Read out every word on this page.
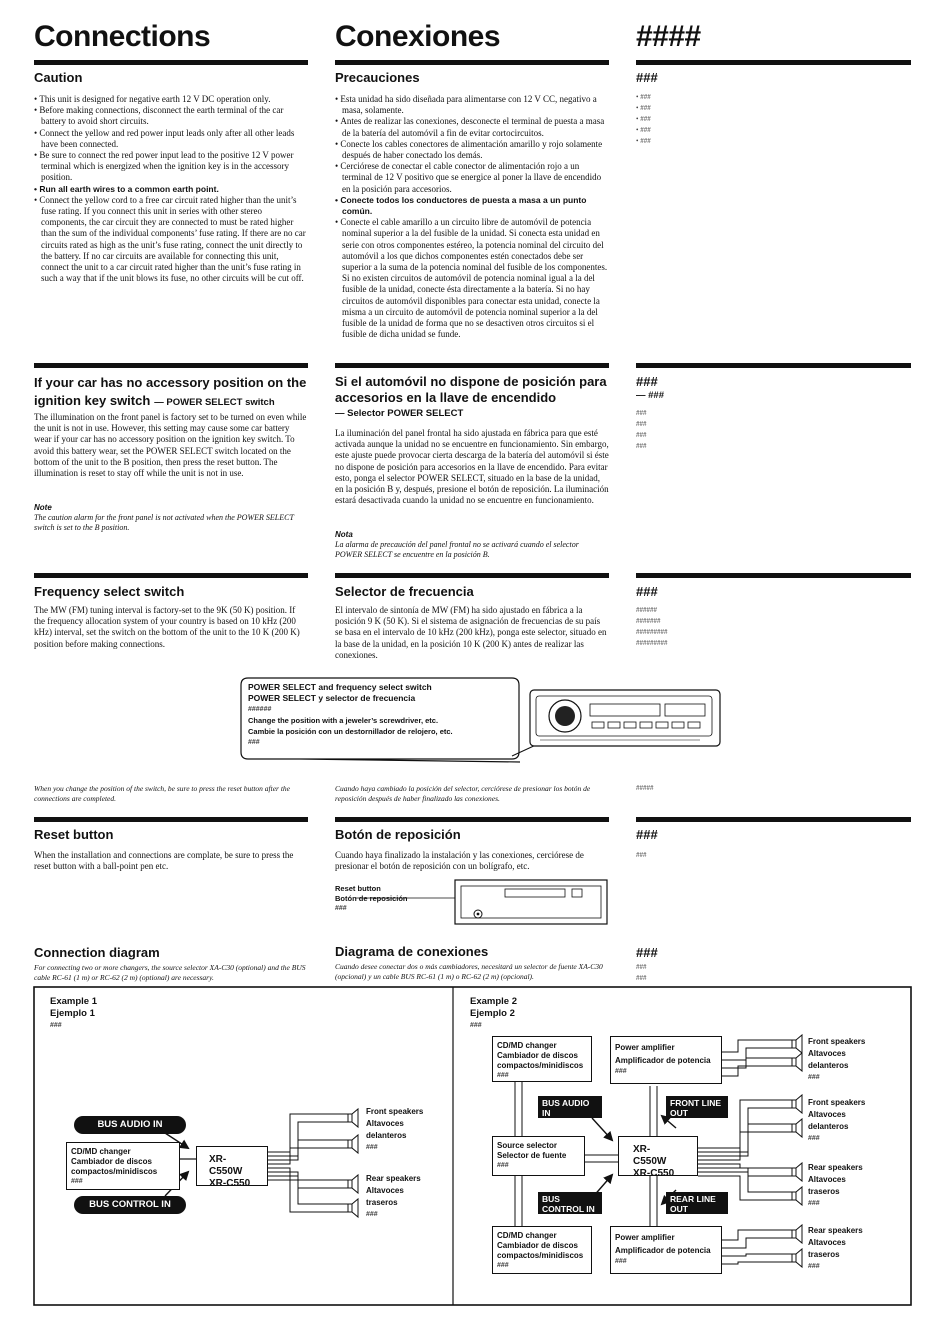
Connections	Conexiones	####
Caution	Precauciones	###
• This unit is designed for negative earth 12 V DC operation only.
• Before making connections, disconnect the earth terminal of the car battery to avoid short circuits.
• Connect the yellow and red power input leads only after all other leads have been connected.
• Be sure to connect the red power input lead to the positive 12 V power terminal which is energized when the ignition key is in the accessory position.
• Run all earth wires to a common earth point.
• Connect the yellow cord to a free car circuit rated higher than the unit’s fuse rating. If you connect this unit in series with other stereo components, the car circuit they are connected to must be rated higher than the sum of the individual components’ fuse rating. If there are no car circuits rated as high as the unit’s fuse rating, connect the unit directly to the battery. If no car circuits are available for connecting this unit, connect the unit to a car circuit rated higher than the unit’s fuse rating in such a way that if the unit blows its fuse, no other circuits will be cut off.
• Esta unidad ha sido diseñada para alimentarse con 12 V CC, negativo a masa, solamente.
• Antes de realizar las conexiones, desconecte el terminal de puesta a masa de la batería del automóvil a fin de evitar cortocircuitos.
• Conecte los cables conectores de alimentación amarillo y rojo solamente después de haber conectado los demás.
• Cerciórese de conectar el cable conector de alimentación rojo a un terminal de 12 V positivo que se energice al poner la llave de encendido en la posición para accesorios.
• Conecte todos los conductores de puesta a masa a un punto común.
• Conecte el cable amarillo a un circuito libre de automóvil de potencia nominal superior a la del fusible de la unidad. Si conecta esta unidad en serie con otros componentes estéreo, la potencia nominal del circuito del automóvil a los que dichos componentes estén conectados debe ser superior a la suma de la potencia nominal del fusible de los componentes. Si no existen circuitos de automóvil de potencia nominal igual a la del fusible de la unidad, conecte ésta directamente a la batería. Si no hay circuitos de automóvil disponibles para conectar esta unidad, conecte la misma a un circuito de automóvil de potencia nominal superior a la del fusible de la unidad de forma que no se desactiven otros circuitos si el fusible de dicha unidad se funde.
• ###
• ###
• ###
• ###
• ###
If your car has no accessory position on the ignition key switch — POWER SELECT switch
The illumination on the front panel is factory set to be turned on even while the unit is not in use. However, this setting may cause some car battery wear if your car has no accessory position on the ignition key switch. To avoid this battery wear, set the POWER SELECT switch located on the bottom of the unit to the B position, then press the reset button. The illumination is reset to stay off while the unit is not in use.
Note
The caution alarm for the front panel is not activated when the POWER SELECT switch is set to the B position.
Si el automóvil no dispone de posición para accesorios en la llave de encendido
— Selector POWER SELECT
La iluminación del panel frontal ha sido ajustada en fábrica para que esté activada aunque la unidad no se encuentre en funcionamiento. Sin embargo, este ajuste puede provocar cierta descarga de la batería del automóvil si éste no dispone de posición para accesorios en la llave de encendido. Para evitar esto, ponga el selector POWER SELECT, situado en la base de la unidad, en la posición B y, después, presione el botón de reposición. La iluminación estará desactivada cuando la unidad no se encuentre en funcionamiento.
Nota
La alarma de precaución del panel frontal no se activará cuando el selector POWER SELECT se encuentre en la posición B.
###
— ###
###
###
###
###
Frequency select switch
The MW (FM) tuning interval is factory-set to the 9K (50 K) position. If the frequency allocation system of your country is based on 10 kHz (200 kHz) interval, set the switch on the bottom of the unit to the 10 K (200 K) position before making connections.
Selector de frecuencia
El intervalo de sintonía de MW (FM) ha sido ajustado en fábrica a la posición 9 K (50 K). Si el sistema de asignación de frecuencias de su país se basa en el intervalo de 10 kHz (200 kHz), ponga este selector, situado en la base de la unidad, en la posición 10 K (200 K) antes de realizar las conexiones.
###
######
#######
#########
#########
POWER SELECT and frequency select switch
POWER SELECT y selector de frecuencia
######
Change the position with a jeweler’s screwdriver, etc.
Cambie la posición con un destornillador de relojero, etc.
###
When you change the position of the switch, be sure to press the reset button after the connections are completed.
Cuando haya cambiado la posición del selector, cerciórese de presionar los botón de reposición después de haber finalizado las conexiones.
#####
Reset button
When the installation and connections are complate, be sure to press the reset button with a ball-point pen etc.
Botón de reposición
Cuando haya finalizado la instalación y las conexiones, cerciórese de presionar el botón de reposición con un bolígrafo, etc.
###
###
Reset button
Botón de reposición
###
Connection diagram
For connecting two or more changers, the source selector XA-C30 (optional) and the BUS cable RC-61 (1 m) or RC-62 (2 m) (optional) are necessary.
Diagrama de conexiones
Cuando desee conectar dos o más cambiadores, necesitará un selector de fuente XA-C30 (opcional) y un cable BUS RC-61 (1 m) o RC-62 (2 m) (opcional).
###
###
###
Example 1
Ejemplo 1
###
BUS AUDIO IN
BUS CONTROL IN
CD/MD changer
Cambiador de discos
compactos/minidiscos
###
XR-C550W
XR-C550
Front speakers
Altavoces
delanteros
###
Rear speakers
Altavoces
traseros
###
Example 2
Ejemplo 2
###
CD/MD changer
Cambiador de discos
compactos/minidiscos
###
Power amplifier
Amplificador de potencia
###
BUS AUDIO
IN
FRONT LINE
OUT
Source selector
Selector de fuente
###
XR-C550W
XR-C550
BUS
CONTROL IN
REAR LINE
OUT
CD/MD changer
Cambiador de discos
compactos/minidiscos
###
Power amplifier
Amplificador de potencia
###
Front speakers
Altavoces
delanteros
###
Front speakers
Altavoces
delanteros
###
Rear speakers
Altavoces
traseros
###
Rear speakers
Altavoces
traseros
###
